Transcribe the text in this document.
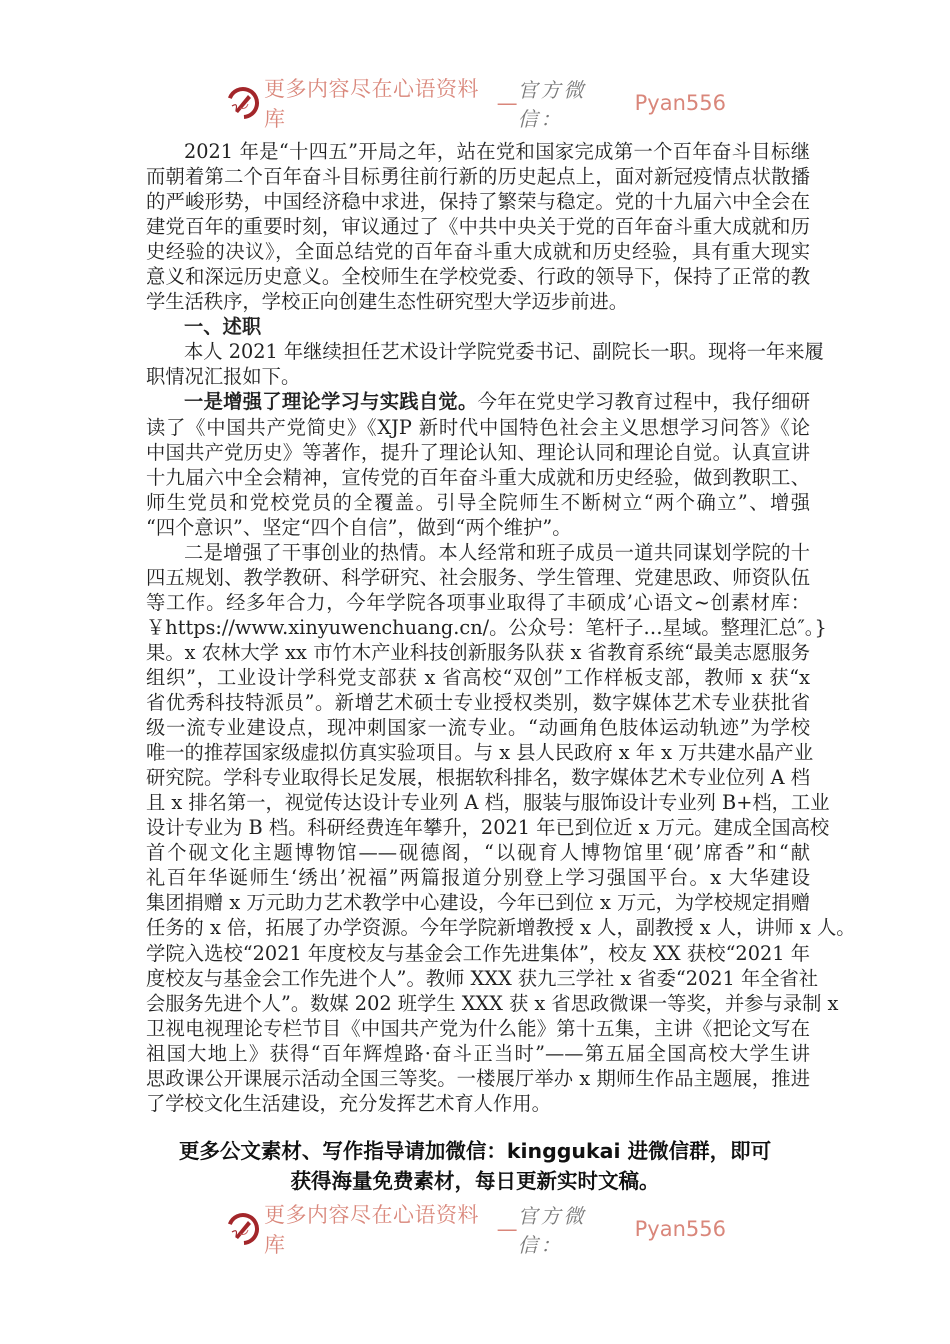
更多内容尽在心语资料库
—
官方微信：
Pyan556
2021 年是“十四五”开局之年，站在党和国家完成第一个百年奋斗目标继
而朝着第二个百年奋斗目标勇往前行新的历史起点上，面对新冠疫情点状散播
的严峻形势，中国经济稳中求进，保持了繁荣与稳定。党的十九届六中全会在
建党百年的重要时刻，审议通过了《中共中央关于党的百年奋斗重大成就和历
史经验的决议》，全面总结党的百年奋斗重大成就和历史经验，具有重大现实
意义和深远历史意义。全校师生在学校党委、行政的领导下，保持了正常的教
学生活秩序，学校正向创建生态性研究型大学迈步前进。
一、述职
本人 2021 年继续担任艺术设计学院党委书记、副院长一职。现将一年来履
职情况汇报如下。
一是增强了理论学习与实践自觉。今年在党史学习教育过程中，我仔细研
读了《中国共产党简史》《XJP 新时代中国特色社会主义思想学习问答》《论
中国共产党历史》等著作，提升了理论认知、理论认同和理论自觉。认真宣讲
十九届六中全会精神，宣传党的百年奋斗重大成就和历史经验，做到教职工、
师生党员和党校党员的全覆盖。引导全院师生不断树立“两个确立”、增强
“四个意识”、坚定“四个自信”，做到“两个维护”。
二是增强了干事创业的热情。本人经常和班子成员一道共同谋划学院的十
四五规划、教学教研、科学研究、社会服务、学生管理、党建思政、师资队伍
等工作。经多年合力，今年学院各项事业取得了丰硕成’心语文~创素材库：
￥https://www.xinyuwenchuang.cn/。公众号：笔杆子…星域。整理汇总″。}
果。x 农林大学 xx 市竹木产业科技创新服务队获 x 省教育系统“最美志愿服务
组织”，工业设计学科党支部获 x 省高校“双创”工作样板支部，教师 x 获“x
省优秀科技特派员”。新增艺术硕士专业授权类别，数字媒体艺术专业获批省
级一流专业建设点，现冲刺国家一流专业。“动画角色肢体运动轨迹”为学校
唯一的推荐国家级虚拟仿真实验项目。与 x 县人民政府 x 年 x 万共建水晶产业
研究院。学科专业取得长足发展，根据软科排名，数字媒体艺术专业位列 A 档
且 x 排名第一，视觉传达设计专业列 A 档，服装与服饰设计专业列 B+档，工业
设计专业为 B 档。科研经费连年攀升，2021 年已到位近 x 万元。建成全国高校
首个砚文化主题博物馆——砚德阁，“以砚育人博物馆里‘砚’席香”和“献
礼百年华诞师生‘绣出’祝福”两篇报道分别登上学习强国平台。x 大华建设
集团捐赠 x 万元助力艺术教学中心建设，今年已到位 x 万元，为学校规定捐赠
任务的 x 倍，拓展了办学资源。今年学院新增教授 x 人，副教授 x 人，讲师 x 人。
学院入选校“2021 年度校友与基金会工作先进集体”，校友 XX 获校“2021 年
度校友与基金会工作先进个人”。教师 XXX 获九三学社 x 省委“2021 年全省社
会服务先进个人”。数媒 202 班学生 XXX 获 x 省思政微课一等奖，并参与录制 x
卫视电视理论专栏节目《中国共产党为什么能》第十五集，主讲《把论文写在
祖国大地上》获得“百年辉煌路·奋斗正当时”——第五届全国高校大学生讲
思政课公开课展示活动全国三等奖。一楼展厅举办 x 期师生作品主题展，推进
了学校文化生活建设，充分发挥艺术育人作用。
更多公文素材、写作指导请加微信：kinggukai 进微信群，即可
获得海量免费素材，每日更新实时文稿。
更多内容尽在心语资料库
—
官方微信：
Pyan556
